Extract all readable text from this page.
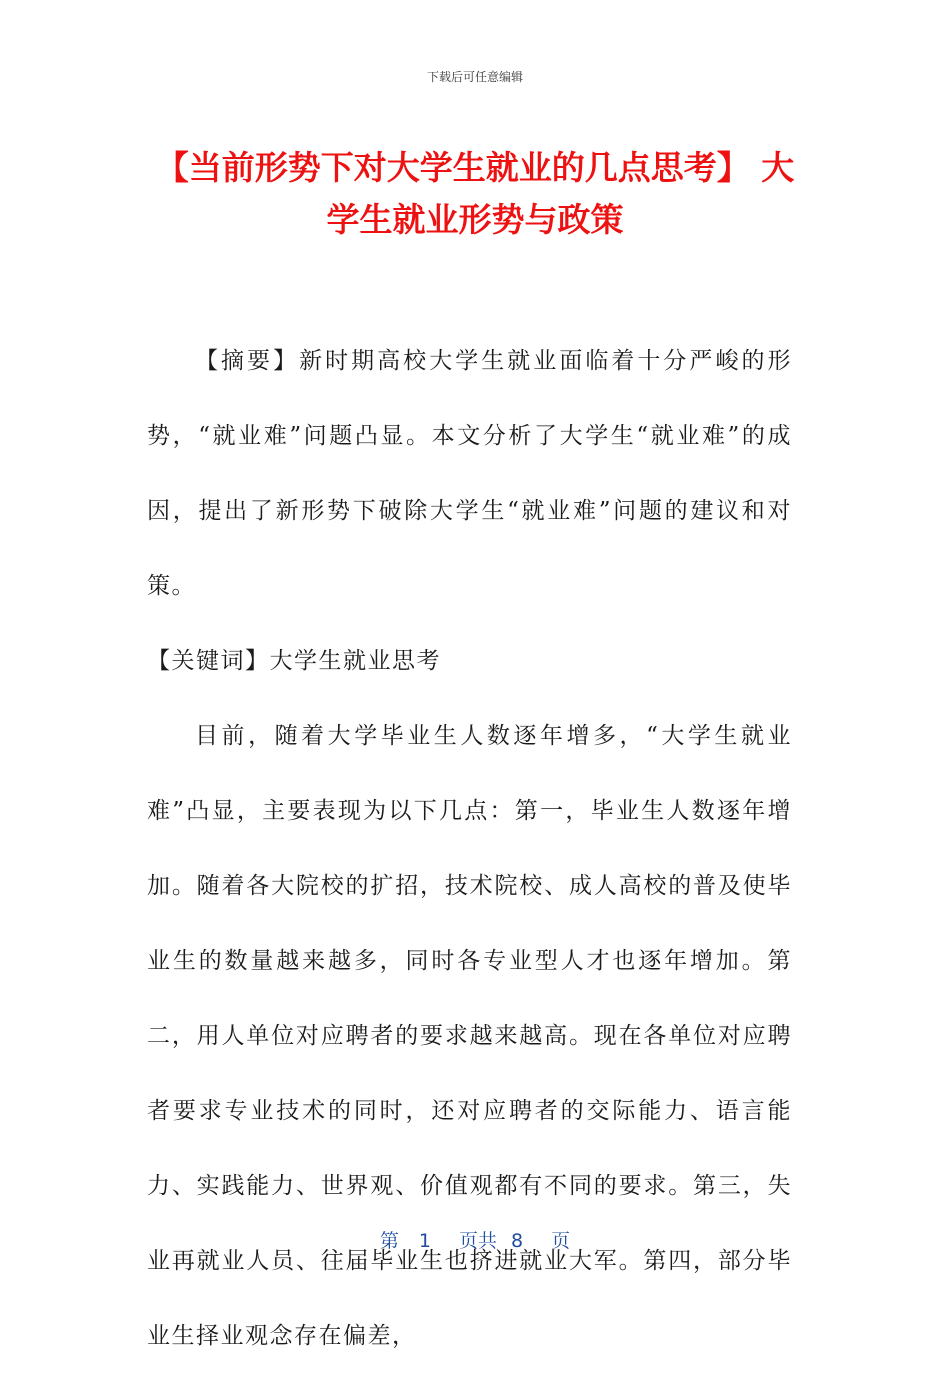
下载后可任意编辑
【当前形势下对大学生就业的几点思考】 大学生就业形势与政策

【摘要】新时期高校大学生就业面临着十分严峻的形势，“就业难”问题凸显。本文分析了大学生“就业难”的成因，提出了新形势下破除大学生“就业难”问题的建议和对策。

【关键词】大学生就业思考

目前，随着大学毕业生人数逐年增多，“大学生就业难”凸显，主要表现为以下几点：第一，毕业生人数逐年增加。随着各大院校的扩招，技术院校、成人高校的普及使毕业生的数量越来越多，同时各专业型人才也逐年增加。第二，用人单位对应聘者的要求越来越高。现在各单位对应聘者要求专业技术的同时，还对应聘者的交际能力、语言能力、实践能力、世界观、价值观都有不同的要求。第三，失业再就业人员、往届毕业生也挤进就业大军。第四，部分毕业生择业观念存在偏差，

第 1 页共 8 页
